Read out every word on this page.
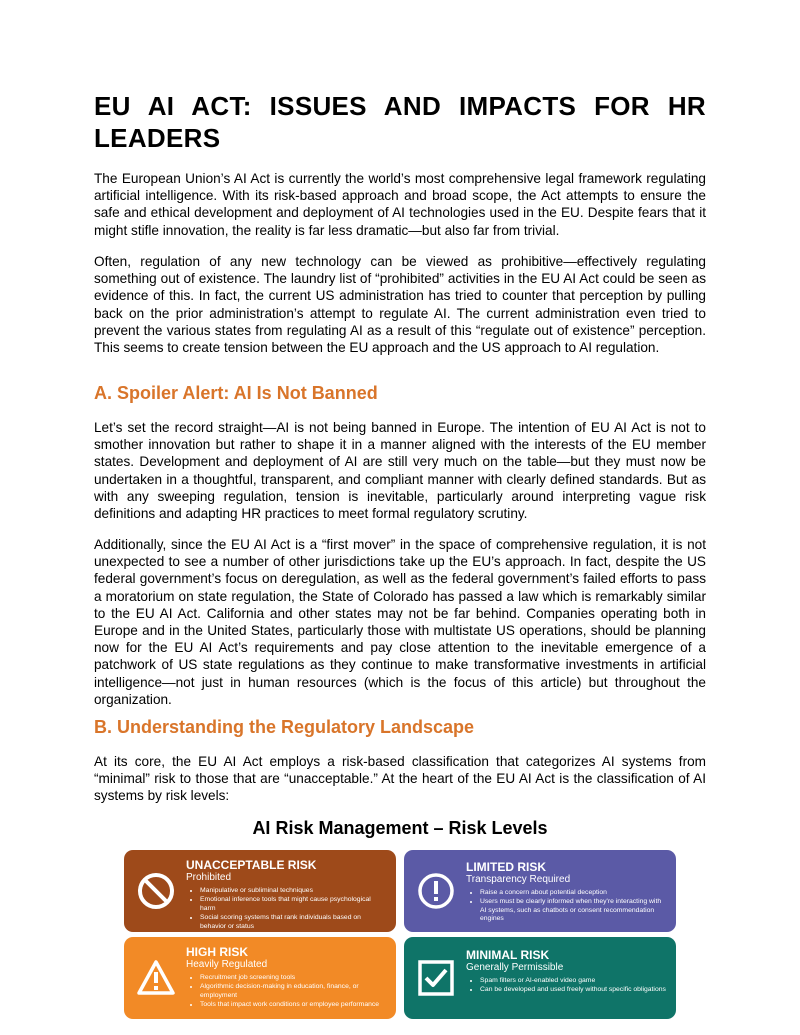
EU AI ACT: ISSUES AND IMPACTS FOR HR LEADERS

The European Union’s AI Act is currently the world’s most comprehensive legal framework regulating artificial intelligence. With its risk-based approach and broad scope, the Act attempts to ensure the safe and ethical development and deployment of AI technologies used in the EU. Despite fears that it might stifle innovation, the reality is far less dramatic—but also far from trivial.

Often, regulation of any new technology can be viewed as prohibitive—effectively regulating something out of existence. The laundry list of “prohibited” activities in the EU AI Act could be seen as evidence of this. In fact, the current US administration has tried to counter that perception by pulling back on the prior administration’s attempt to regulate AI. The current administration even tried to prevent the various states from regulating AI as a result of this “regulate out of existence” perception. This seems to create tension between the EU approach and the US approach to AI regulation.

A. Spoiler Alert: AI Is Not Banned

Let’s set the record straight—AI is not being banned in Europe. The intention of EU AI Act is not to smother innovation but rather to shape it in a manner aligned with the interests of the EU member states. Development and deployment of AI are still very much on the table—but they must now be undertaken in a thoughtful, transparent, and compliant manner with clearly defined standards. But as with any sweeping regulation, tension is inevitable, particularly around interpreting vague risk definitions and adapting HR practices to meet formal regulatory scrutiny.

Additionally, since the EU AI Act is a “first mover” in the space of comprehensive regulation, it is not unexpected to see a number of other jurisdictions take up the EU’s approach. In fact, despite the US federal government’s focus on deregulation, as well as the federal government’s failed efforts to pass a moratorium on state regulation, the State of Colorado has passed a law which is remarkably similar to the EU AI Act. California and other states may not be far behind. Companies operating both in Europe and in the United States, particularly those with multistate US operations, should be planning now for the EU AI Act’s requirements and pay close attention to the inevitable emergence of a patchwork of US state regulations as they continue to make transformative investments in artificial intelligence—not just in human resources (which is the focus of this article) but throughout the organization.

B. Understanding the Regulatory Landscape

At its core, the EU AI Act employs a risk-based classification that categorizes AI systems from “minimal” risk to those that are “unacceptable.” At the heart of the EU AI Act is the classification of AI systems by risk levels:

AI Risk Management – Risk Levels

UNACCEPTABLE RISK
Prohibited
• Manipulative or subliminal techniques
• Emotional inference tools that might cause psychological harm
• Social scoring systems that rank individuals based on behavior or status
LIMITED RISK
Transparency Required
• Raise a concern about potential deception
• Users must be clearly informed when they're interacting with AI systems, such as chatbots or consent recommendation engines
HIGH RISK
Heavily Regulated
• Recruitment job screening tools
• Algorithmic decision-making in education, finance, or employment
• Tools that impact work conditions or employee performance
MINIMAL RISK
Generally Permissible
• Spam filters or AI-enabled video game
• Can be developed and used freely without specific obligations
